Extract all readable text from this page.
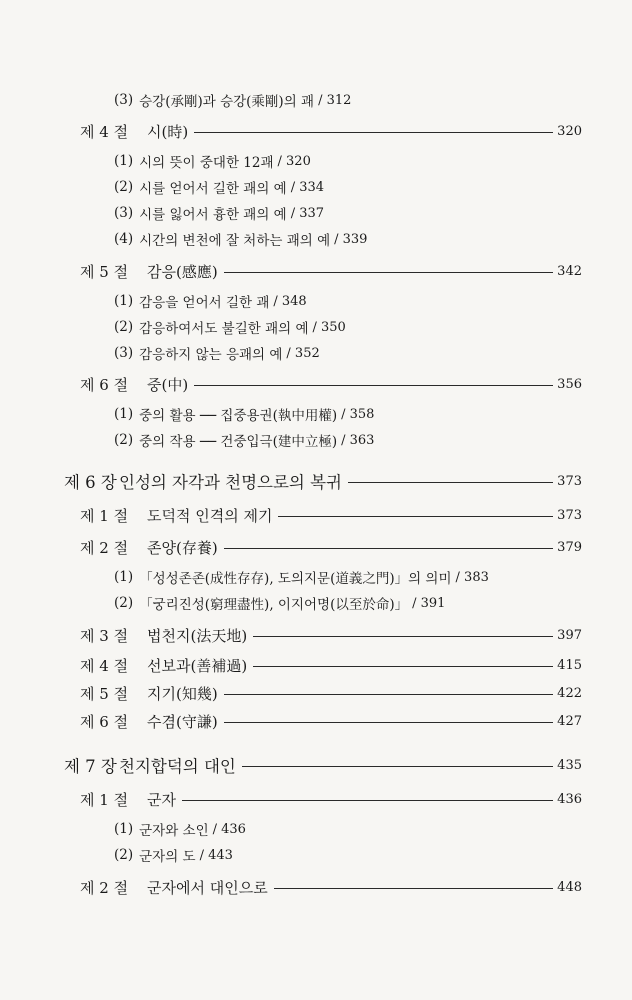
(3) 승강(承剛)과 승강(乘剛)의 괘 / 312
제 4 절	시(時)	320
(1) 시의 뜻이 중대한 12괘 / 320
(2) 시를 얻어서 길한 괘의 예 / 334
(3) 시를 잃어서 흉한 괘의 예 / 337
(4) 시간의 변천에 잘 처하는 괘의 예 / 339
제 5 절	감응(感應)	342
(1) 감응을 얻어서 길한 괘 / 348
(2) 감응하여서도 불길한 괘의 예 / 350
(3) 감응하지 않는 응괘의 예 / 352
제 6 절	중(中)	356
(1) 중의 활용 ── 집중용권(執中用權) / 358
(2) 중의 작용 ── 건중입극(建中立極) / 363
제 6 장 인성의 자각과 천명으로의 복귀	373
제 1 절	도덕적 인격의 제기	373
제 2 절	존양(存養)	379
(1) 「성성존존(成性存存), 도의지문(道義之門)」의 의미 / 383
(2) 「궁리진성(窮理盡性), 이지어명(以至於命)」 / 391
제 3 절	법천지(法天地)	397
제 4 절	선보과(善補過)	415
제 5 절	지기(知幾)	422
제 6 절	수겸(守謙)	427
제 7 장 천지합덕의 대인	435
제 1 절	군자	436
(1) 군자와 소인 / 436
(2) 군자의 도 / 443
제 2 절	군자에서 대인으로	448
